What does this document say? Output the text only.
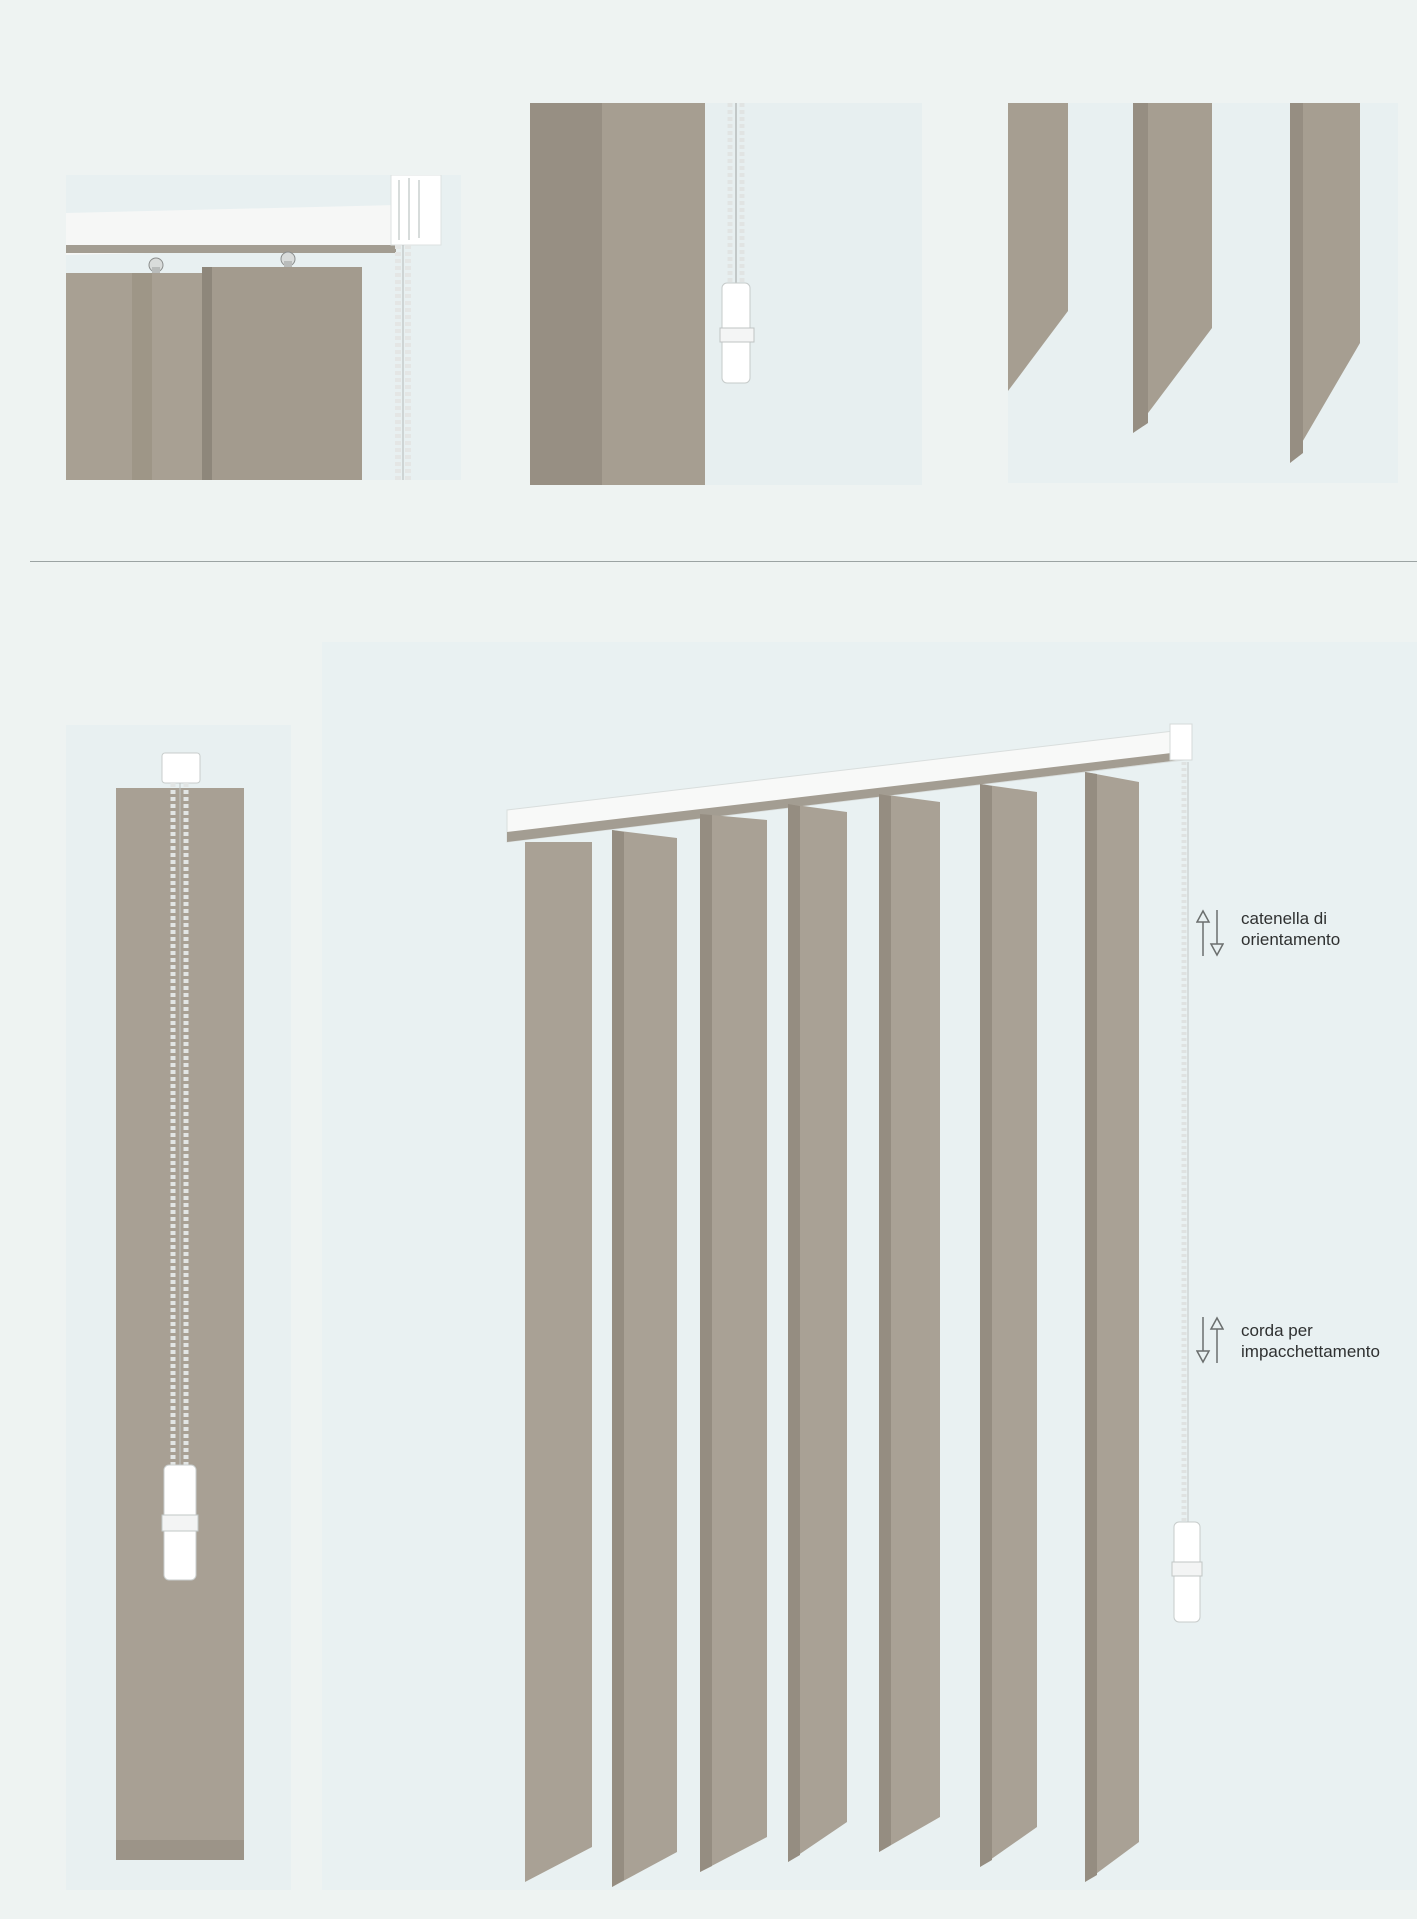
catenella di
orientamento
corda per
impacchettamento
